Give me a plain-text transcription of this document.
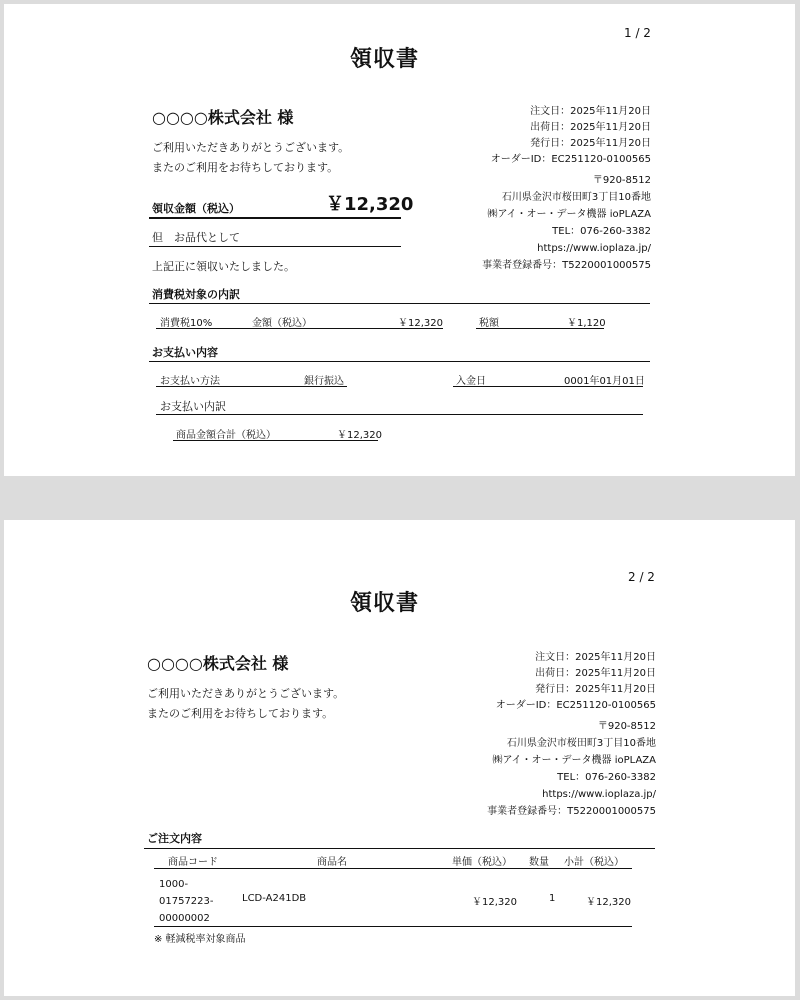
1 / 2
領収書
○○○○株式会社 様
ご利用いただきありがとうございます。
またのご利用をお待ちしております。
注文日：2025年11月20日
出荷日：2025年11月20日
発行日：2025年11月20日
オーダーID：EC251120-0100565
〒920-8512
石川県金沢市桜田町3丁目10番地
㈱アイ・オー・データ機器 ioPLAZA
TEL：076-260-3382
https://www.ioplaza.jp/
事業者登録番号：T5220001000575
領収金額（税込）	￥12,320
但　お品代として
上記正に領収いたしました。
消費税対象の内訳
消費税10%	金額（税込）	￥12,320	税額	￥1,120
お支払い内容
お支払い方法	銀行振込	入金日	0001年01月01日
お支払い内訳
商品金額合計（税込）	￥12,320
2 / 2
領収書
○○○○株式会社 様
ご利用いただきありがとうございます。
またのご利用をお待ちしております。
注文日：2025年11月20日
出荷日：2025年11月20日
発行日：2025年11月20日
オーダーID：EC251120-0100565
〒920-8512
石川県金沢市桜田町3丁目10番地
㈱アイ・オー・データ機器 ioPLAZA
TEL：076-260-3382
https://www.ioplaza.jp/
事業者登録番号：T5220001000575
ご注文内容
商品コード	商品名	単価（税込） 数量 小計（税込）
1000-
01757223-
00000002
LCD-A241DB	￥12,320	1	￥12,320
※ 軽減税率対象商品
